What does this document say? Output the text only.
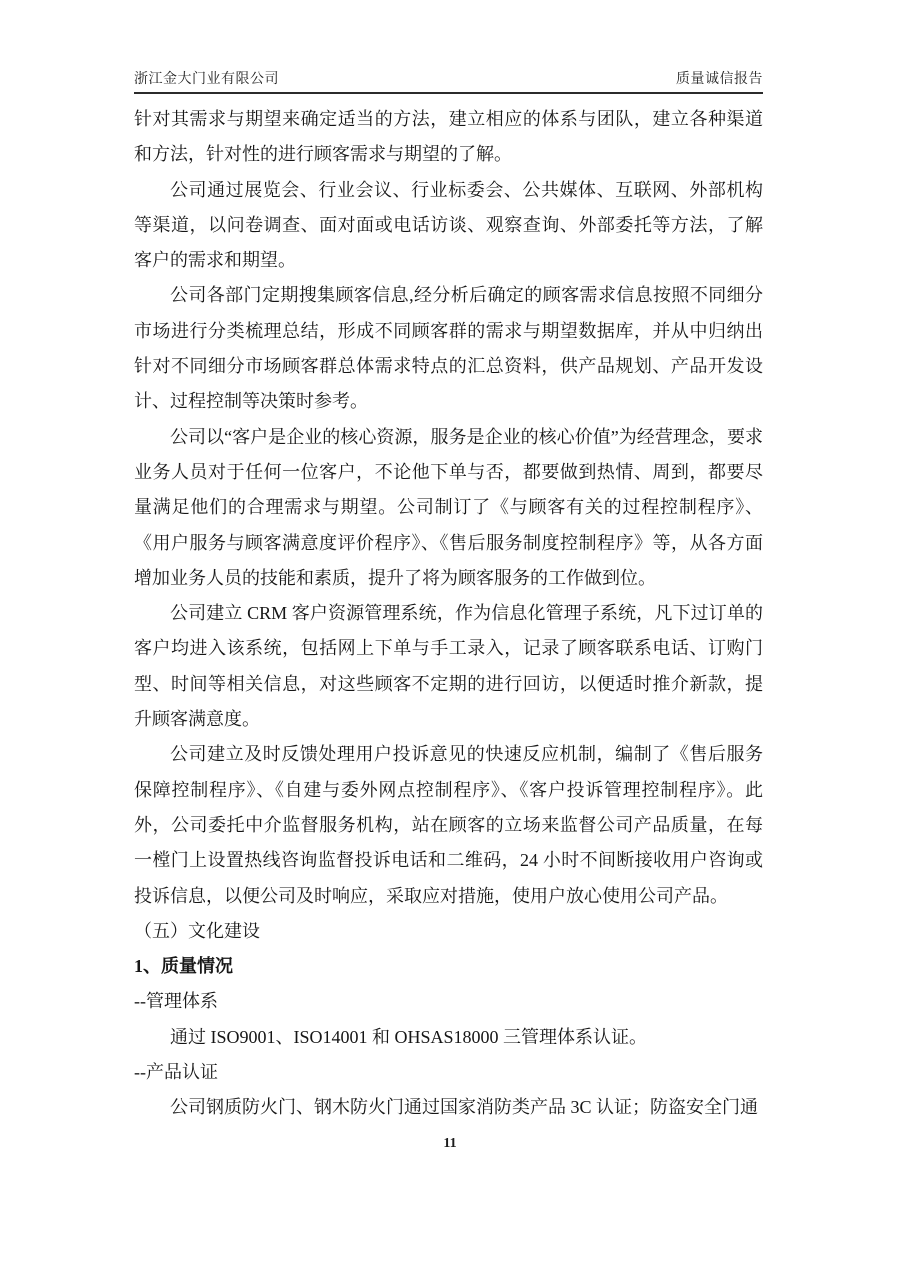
浙江金大门业有限公司	质量诚信报告

针对其需求与期望来确定适当的方法，建立相应的体系与团队，建立各种渠道和方法，针对性的进行顾客需求与期望的了解。

公司通过展览会、行业会议、行业标委会、公共媒体、互联网、外部机构等渠道，以问卷调查、面对面或电话访谈、观察查询、外部委托等方法，了解客户的需求和期望。

公司各部门定期搜集顾客信息,经分析后确定的顾客需求信息按照不同细分市场进行分类梳理总结，形成不同顾客群的需求与期望数据库，并从中归纳出针对不同细分市场顾客群总体需求特点的汇总资料，供产品规划、产品开发设计、过程控制等决策时参考。

公司以“客户是企业的核心资源，服务是企业的核心价值”为经营理念，要求业务人员对于任何一位客户，不论他下单与否，都要做到热情、周到，都要尽量满足他们的合理需求与期望。公司制订了《与顾客有关的过程控制程序》、《用户服务与顾客满意度评价程序》、《售后服务制度控制程序》等，从各方面增加业务人员的技能和素质，提升了将为顾客服务的工作做到位。

公司建立 CRM 客户资源管理系统，作为信息化管理子系统，凡下过订单的客户均进入该系统，包括网上下单与手工录入，记录了顾客联系电话、订购门型、时间等相关信息，对这些顾客不定期的进行回访，以便适时推介新款，提升顾客满意度。

公司建立及时反馈处理用户投诉意见的快速反应机制，编制了《售后服务保障控制程序》、《自建与委外网点控制程序》、《客户投诉管理控制程序》。此外，公司委托中介监督服务机构，站在顾客的立场来监督公司产品质量，在每一樘门上设置热线咨询监督投诉电话和二维码，24 小时不间断接收用户咨询或投诉信息，以便公司及时响应，采取应对措施，使用户放心使用公司产品。

（五）文化建设

1、质量情况

--管理体系

通过 ISO9001、ISO14001 和 OHSAS18000 三管理体系认证。

--产品认证

公司钢质防火门、钢木防火门通过国家消防类产品 3C 认证；防盗安全门通

11
